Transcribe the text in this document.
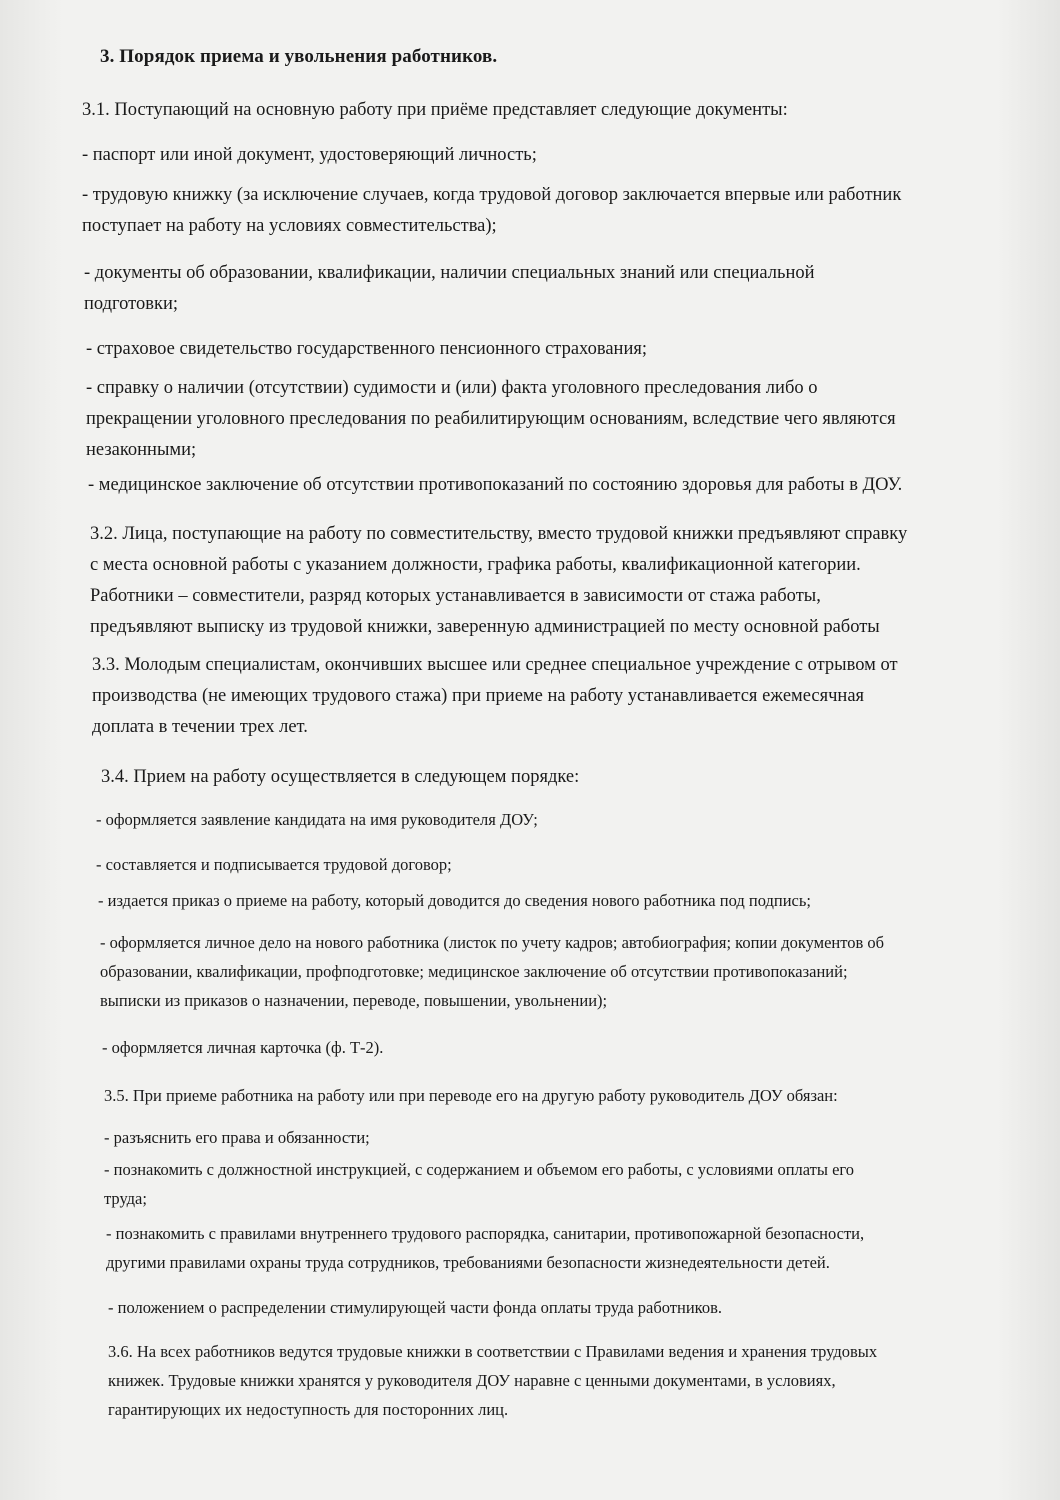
3. Порядок приема и увольнения работников.
3.1. Поступающий на основную работу при приёме представляет следующие документы:
- паспорт или иной документ, удостоверяющий личность;
- трудовую книжку (за исключение случаев, когда трудовой договор заключается впервые или работник
поступает на работу на условиях совместительства);
- документы об образовании, квалификации, наличии специальных знаний или специальной
подготовки;
- страховое свидетельство государственного пенсионного страхования;
- справку о наличии (отсутствии) судимости и (или) факта уголовного преследования либо о
прекращении уголовного преследования по реабилитирующим основаниям, вследствие чего являются
незаконными;
- медицинское заключение об отсутствии противопоказаний по состоянию здоровья для работы в ДОУ.
3.2. Лица, поступающие на работу по совместительству, вместо трудовой книжки предъявляют справку
с места основной работы с указанием должности, графика работы, квалификационной категории.
Работники – совместители, разряд которых устанавливается в зависимости от стажа работы,
предъявляют выписку из трудовой книжки, заверенную администрацией по месту основной работы
3.3. Молодым специалистам, окончивших высшее или среднее специальное учреждение с отрывом от
производства (не имеющих трудового стажа) при приеме на работу устанавливается ежемесячная
доплата в течении трех лет.
3.4. Прием на работу осуществляется в следующем порядке:
- оформляется заявление кандидата на имя руководителя ДОУ;
- составляется и подписывается трудовой договор;
- издается приказ о приеме на работу, который доводится до сведения нового работника под подпись;
- оформляется личное дело на нового работника (листок по учету кадров; автобиография; копии документов об
образовании, квалификации, профподготовке; медицинское заключение об отсутствии противопоказаний;
выписки из приказов о назначении, переводе, повышении, увольнении);
- оформляется личная карточка (ф. Т-2).
3.5. При приеме работника на работу или при переводе его на другую работу руководитель ДОУ обязан:
- разъяснить его права и обязанности;
- познакомить с должностной инструкцией, с содержанием и объемом его работы, с условиями оплаты его
труда;
- познакомить с правилами внутреннего трудового распорядка, санитарии, противопожарной безопасности,
другими правилами охраны труда сотрудников, требованиями безопасности жизнедеятельности детей.
- положением о распределении стимулирующей части фонда оплаты труда работников.
3.6. На всех работников ведутся трудовые книжки в соответствии с Правилами ведения и хранения трудовых
книжек. Трудовые книжки хранятся у руководителя ДОУ наравне с ценными документами, в условиях,
гарантирующих их недоступность для посторонних лиц.
